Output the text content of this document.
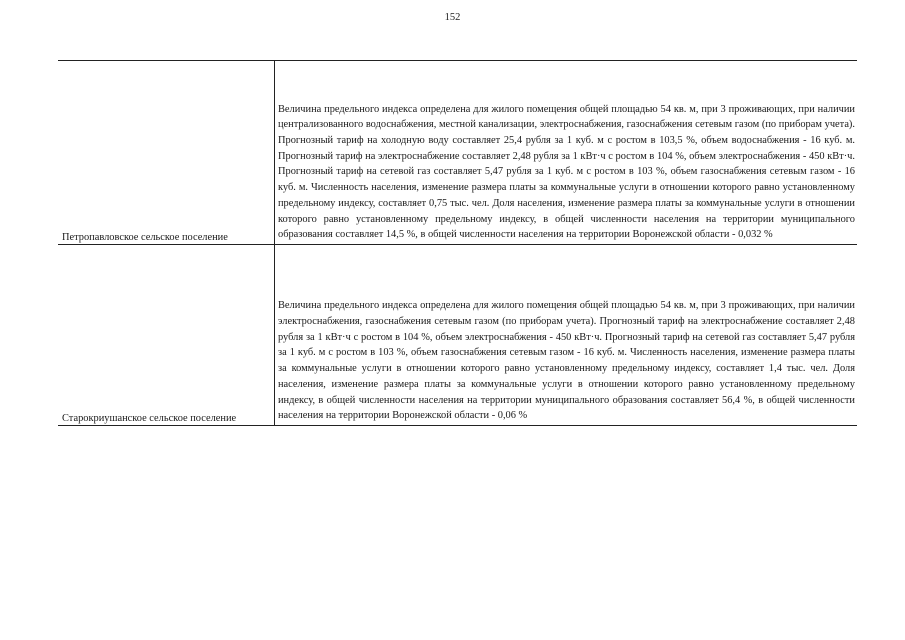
152
Петропавловское сельское поселение
Величина предельного индекса определена для жилого помещения общей площадью 54 кв. м, при 3 проживающих, при наличии централизованного водоснабжения, местной канализации, электроснабжения, газоснабжения сетевым газом (по приборам учета). Прогнозный тариф на холодную воду составляет 25,4 рубля за 1 куб. м с ростом в 103,5 %, объем водоснабжения - 16 куб. м. Прогнозный тариф на электроснабжение составляет 2,48 рубля за 1 кВт·ч с ростом в 104 %, объем электроснабжения - 450 кВт·ч. Прогнозный тариф на сетевой газ составляет 5,47 рубля за 1 куб. м с ростом в 103 %, объем газоснабжения сетевым газом - 16 куб. м. Численность населения, изменение размера платы за коммунальные услуги в отношении которого равно установленному предельному индексу, составляет 0,75 тыс. чел. Доля населения, изменение размера платы за коммунальные услуги в отношении которого равно установленному предельному индексу, в общей численности населения на территории муниципального образования составляет 14,5 %, в общей численности населения на территории Воронежской области - 0,032 %
Старокриушанское сельское поселение
Величина предельного индекса определена для жилого помещения общей площадью 54 кв. м, при 3 проживающих, при наличии электроснабжения, газоснабжения сетевым газом (по приборам учета). Прогнозный тариф на электроснабжение составляет 2,48 рубля за 1 кВт·ч с ростом в 104 %, объем электроснабжения - 450 кВт·ч. Прогнозный тариф на сетевой газ составляет 5,47 рубля за 1 куб. м с ростом в 103 %, объем газоснабжения сетевым газом - 16 куб. м. Численность населения, изменение размера платы за коммунальные услуги в отношении которого равно установленному предельному индексу, составляет 1,4 тыс. чел. Доля населения, изменение размера платы за коммунальные услуги в отношении которого равно установленному предельному индексу, в общей численности населения на территории муниципального образования составляет 56,4 %, в общей численности населения на территории Воронежской области - 0,06 %
